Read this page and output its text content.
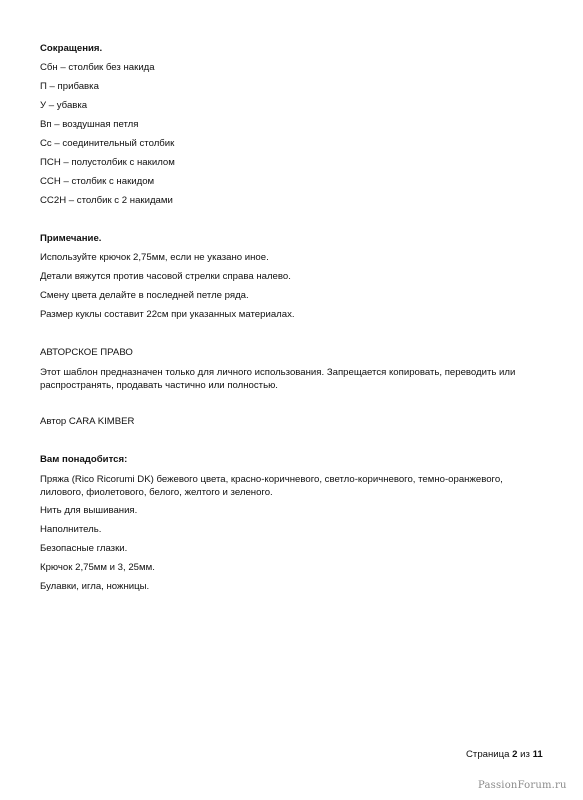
Сокращения.
Сбн – столбик без накида
П – прибавка
У – убавка
Вп – воздушная петля
Сс – соединительный столбик
ПСН – полустолбик с накилом
ССН – столбик с накидом
СС2Н – столбик с 2 накидами
Примечание.
Используйте крючок 2,75мм, если не указано иное.
Детали вяжутся против часовой стрелки справа налево.
Смену цвета делайте в последней петле ряда.
Размер куклы составит 22см при указанных материалах.
АВТОРСКОЕ ПРАВО
Этот шаблон предназначен только для личного использования. Запрещается копировать, переводить или распространять, продавать частично или полностью.
Автор CARA KIMBER
Вам понадобится:
Пряжа (Rico Ricorumi DK) бежевого цвета, красно-коричневого, светло-коричневого, темно-оранжевого, лилового, фиолетового, белого, желтого и зеленого.
Нить для вышивания.
Наполнитель.
Безопасные глазки.
Крючок 2,75мм и 3, 25мм.
Булавки, игла, ножницы.
Страница 2 из 11
PassionForum.ru
